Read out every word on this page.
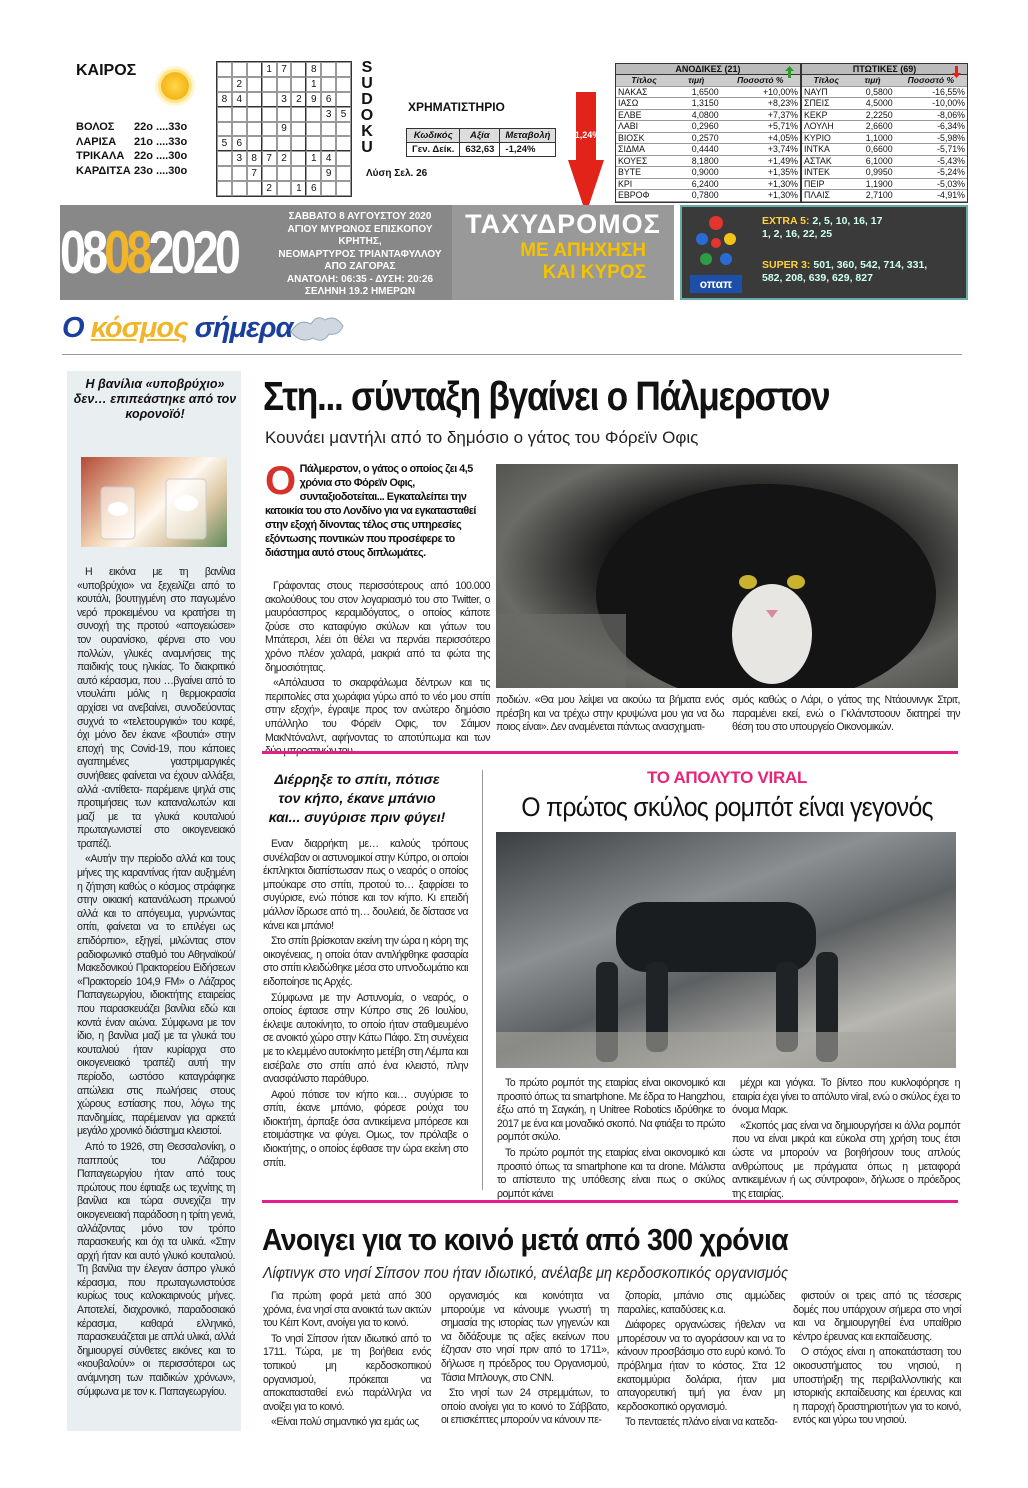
ΚΑΙΡΟΣ
ΒΟΛΟΣ	22ο ....33ο
ΛΑΡΙΣΑ	21ο ....33ο
ΤΡΙΚΑΛΑ 22ο ....30ο
ΚΑΡΔΙΤΣΑ 23ο ....30ο
1 7	8
2	1
8 4	3 2 9 6
3 5
9
5 6
3 8 7 2	1 4
7	9
2	1 6
S
U
D
O
K
U
Λύση Σελ. 26
ΧΡΗΜΑΤΙΣΤΗΡΙΟ
Κωδικός	Αξία	Μεταβολή
Γεν. Δείκ.	632,63	-1,24%
-1,24%
ΑΝΟΔΙΚΕΣ (21)
Τίτλος	τιμή	Ποσοστό %
ΝΑΚΑΣ	1,6500	+10,00%
ΙΑΣΩ	1,3150	+8,23%
ΕΛΒΕ	4,0800	+7,37%
ΛΑΒΙ	0,2960	+5,71%
ΒΙΟΣΚ	0,2570	+4,05%
ΣΙΔΜΑ	0,4440	+3,74%
ΚΟΥΕΣ	8,1800	+1,49%
ΒΥΤΕ	0,9000	+1,35%
ΚΡΙ	6,2400	+1,30%
ΕΒΡΟΦ	0,7800	+1,30%
ΠΤΩΤΙΚΕΣ (69)
Τίτλος	τιμή	Ποσοστό %
ΝΑΥΠ	0,5800	-16,55%
ΣΠΕΙΣ	4,5000	-10,00%
ΚΕΚΡ	2,2250	-8,06%
ΛΟΥΛΗ	2,6600	-6,34%
ΚΥΡΙΟ	1,1000	-5,98%
ΙΝΤΚΑ	0,6600	-5,71%
ΑΣΤΑΚ	6,1000	-5,43%
ΙΝΤΕΚ	0,9950	-5,24%
ΠΕΙΡ	1,1900	-5,03%
ΠΛΑΙΣ	2,7100	-4,91%
08082020
ΣΑΒΒΑΤΟ 8 ΑΥΓΟΥΣΤΟΥ 2020
ΑΓΙΟΥ ΜΥΡΩΝΟΣ ΕΠΙΣΚΟΠΟΥ ΚΡΗΤΗΣ,
ΝΕΟΜΑΡΤΥΡΟΣ ΤΡΙΑΝΤΑΦΥΛΛΟΥ
ΑΠΟ ΖΑΓΟΡΑΣ
ΑΝΑΤΟΛΗ: 06:35 - ΔΥΣΗ: 20:26
ΣΕΛΗΝΗ 19.2 ΗΜΕΡΩΝ
ΤΑΧΥΔΡΟΜΟΣ
ΜΕ ΑΠΗΧΗΣΗ
ΚΑΙ ΚΥΡΟΣ
οπαπ
EXTRA 5: 2, 5, 10, 16, 17
1, 2, 16, 22, 25
SUPER 3: 501, 360, 542, 714, 331,
582, 208, 639, 629, 827
Ο κόσμος σήμερα
Η βανίλια «υποβρύχιο» δεν… επιπεάστηκε από τον κορονοϊό!

Η εικόνα με τη βανίλια «υποβρύχιο» να ξεχειλίζει από το κουτάλι, βουτηγμένη στο παγωμένο νερό προκειμένου να κρατήσει τη συνοχή της προτού «απογειώσει» τον ουρανίσκο, φέρνει στο νου πολλών, γλυκές αναμνήσεις της παιδικής τους ηλικίας. Το διακριτικό αυτό κέρασμα, που …βγαίνει από το ντουλάπι μόλις η θερμοκρασία αρχίσει να ανεβαίνει, συνοδεύοντας συχνά το «τελετουργικό» του καφέ, όχι μόνο δεν έκανε «βουτιά» στην εποχή της Covid-19, που κάποιες αγαπημένες γαστριμαργικές συνήθειες φαίνεται να έχουν αλλάξει, αλλά -αντίθετα- παρέμεινε ψηλά στις προτιμήσεις των καταναλωτών και μαζί με τα γλυκά κουταλιού πρωταγωνιστεί στο οικογενειακό τραπέζι.

«Αυτήν την περίοδο αλλά και τους μήνες της καραντίνας ήταν αυξημένη η ζήτηση καθώς ο κόσμος στράφηκε στην οικιακή κατανάλωση πρωινού αλλά και το απόγευμα, γυρνώντας οπίτι, φαίνεται να το επιλέγει ως επιδόρπιο», εξηγεί, μιλώντας στον ραδιοφωνικό σταθμό του Αθηναϊκού/Μακεδονικού Πρακτορείου Ειδήσεων «Πρακτορείο 104,9 FM» ο Λάζαρος Παπαγεωργίου, ιδιοκτήτης εταιρείας που παρασκευάζει βανίλια εδώ και κοντά έναν αιώνα. Σύμφωνα με τον ίδιο, η βανίλια μαζί με τα γλυκά του κουταλιού ήταν κυρίαρχα στο οικογενειακό τραπέζι αυτή την περίοδο, ωστόσο καταγράφηκε απώλεια στις πωλήσεις στους χώρους εστίασης που, λόγω της πανδημίας, παρέμειναν για αρκετά μεγάλο χρονικό διάστημα κλειστοί.

Από το 1926, στη Θεσσαλονίκη, ο παππούς του Λάζαρου Παπαγεωργίου ήταν από τους πρώτους που έφτιαξε ως τεχνίτης τη βανίλια και τώρα συνεχίζει την οικογενειακή παράδοση η τρίτη γενιά, αλλάζοντας μόνο τον τρόπο παρασκευής και όχι τα υλικά. «Στην αρχή ήταν και αυτό γλυκό κουταλιού. Τη βανίλια την έλεγαν άσπρο γλυκό κέρασμα, που πρωταγωνιστούσε κυρίως τους καλοκαιρινούς μήνες. Αποτελεί, διαχρονικό, παραδοσιακό κέρασμα, καθαρά ελληνικό, παρασκευάζεται με απλά υλικά, αλλά δημιουργεί σύνθετες εικόνες και το «κουβαλούν» οι περισσότεροι ως ανάμνηση των παιδικών χρόνων», σύμφωνα με τον κ. Παπαγεωργίου.

Στη... σύνταξη βγαίνει ο Πάλμερστον
Κουνάει μαντήλι από το δημόσιο ο γάτος του Φόρεϊν Οφις
Ο Πάλμερστον, ο γάτος ο οποίος ζει 4,5 χρόνια στο Φόρεϊν Οφις, συνταξιοδοτείται... Εγκαταλείπει την κατοικία του στο Λονδίνο για να εγκατασταθεί στην εξοχή δίνοντας τέλος στις υπηρεσίες εξόντωσης ποντικών που προσέφερε το διάστημα αυτό στους διπλωμάτες.

Γράφοντας στους περισσότερους από 100.000 ακολούθους του στον λογαριασμό του στο Twitter, ο μαυρόασπρος κεραμιδόγατος, ο οποίος κάποτε ζούσε στο καταφύγιο σκύλων και γάτων του Μπάτερσι, λέει ότι θέλει να περνάει περισσότερο χρόνο πλέον χαλαρά, μακριά από τα φώτα της δημοσιότητας.

«Απόλαυσα το σκαρφάλωμα δέντρων και τις περιπολίες στα χωράφια γύρω από το νέο μου σπίτι στην εξοχή», έγραψε προς τον ανώτερο δημόσιο υπάλληλο του Φόρεϊν Οφις, τον Σάιμον ΜακΝτόναλντ, αφήνοντας το αποτύπωμα και των

ποδιών. «Θα μου λείψει να ακούω τα βήματα ενός πρέσβη και να τρέχω στην κρυψώνα μου για να δω ποιος είναι». Δεν αναμένεται πάντως ανασχηματι-
σμός καθώς ο Λάρι, ο γάτος της Ντάουνινγκ Στριτ, παραμένει εκεί, ενώ ο Γκλάντστοουν διατηρεί την θέση του στο υπουργείο Οικονομικών.
Διέρρηξε το σπίτι, πότισε τον κήπο, έκανε μπάνιο και... συγύρισε πριν φύγει!

Εναν διαρρήκτη με… καλούς τρόπους συνέλαβαν οι αστυνομικοί στην Κύπρο, οι οποίοι έκπληκτοι διαπίστωσαν πως ο νεαρός ο οποίος μπούκαρε στο σπίτι, προτού το… ξαφρίσει το συγύρισε, ενώ πότισε και τον κήπο. Κι επειδή μάλλον ίδρωσε από τη… δουλειά, δε δίστασε να κάνει και μπάνιο!

Στο σπίτι βρίσκοταν εκείνη την ώρα η κόρη της οικογένειας, η οποία όταν αντιλήφθηκε φασαρία στο σπίτι κλειδώθηκε μέσα στο υπνοδωμάτιο και ειδοποίησε τις Αρχές.

Σύμφωνα με την Αστυνομία, ο νεαρός, ο οποίος έφτασε στην Κύπρο στις 26 Ιουλίου, έκλεψε αυτοκίνητο, το οποίο ήταν σταθμευμένο σε ανοικτό χώρο στην Κάτω Πάφο. Στη συνέχεια με το κλεμμένο αυτοκίνητο μετέβη στη Λέμπα και εισέβαλε στο σπίτι από ένα κλειστό, πλην ανασφάλιστο παράθυρο.

Αφού πότισε τον κήπο και… συγύρισε το σπίτι, έκανε μπάνιο, φόρεσε ρούχα του ιδιοκτήτη, άρπαξε όσα αντικείμενα μπόρεσε και ετοιμάστηκε να φύγει. Ομως, τον πρόλαβε ο ιδιοκτήτης, ο οποίος έφθασε την ώρα εκείνη στο σπίτι.

ΤΟ ΑΠΟΛΥΤΟ VIRAL
Ο πρώτος σκύλος ρομπότ είναι γεγονός

Το πρώτο ρομπότ της εταιρίας είναι οικονομικό και προσιτό όπως τα smartphone. Με έδρα το Hangzhou, έξω από τη Σαγκάη, η Unitree Robotics ιδρύθηκε το 2017 με ένα και μοναδικό σκοπό. Να φτιάξει το πρώτο ρομπότ σκύλο.

Το πρώτο ρομπότ της εταιρίας είναι οικονομικό και προσιτό όπως τα smartphone και τα drone. Μάλιστα το απίστευτο της υπόθεσης είναι πως ο σκύλος ρομπότ κάνει

μέχρι και γιόγκα. Το βίντεο που κυκλοφόρησε η εταιρία έχει γίνει το απόλυτο viral, ενώ ο σκύλος έχει το όνομα Μαρκ.

«Σκοπός μας είναι να δημιουργήσει κι άλλα ρομπότ που να είναι μικρά και εύκολα στη χρήση τους έτσι ώστε να μπορούν να βοηθήσουν τους απλούς ανθρώπους με πράγματα όπως η μεταφορά αντικειμένων ή ως σύντροφοι», δήλωσε ο πρόεδρος της εταιρίας.

Ανοιγει για το κοινό μετά από 300 χρόνια
Λίφτινγκ στο νησί Σίπσον που ήταν ιδιωτικό, ανέλαβε μη κερδοσκοπικός οργανισμός

Για πρώτη φορά μετά από 300 χρόνια, ένα νησί στα ανοικτά των ακτών του Κέιπ Κοντ, ανοίγει για το κοινό.

Το νησί Σίπσον ήταν ιδιωτικό από το 1711. Τώρα, με τη βοήθεια ενός τοπικού μη κερδοσκοπικού οργανισμού, πρόκειται να αποκατασταθεί ενώ παράλληλα να ανοίξει για το κοινό.

«Είναι πολύ σημαντικό για εμάς ως

οργανισμός και κοινότητα να μπορούμε να κάνουμε γνωστή τη σημασία της ιστορίας των γηγενών και να διδάξουμε τις αξίες εκείνων που έζησαν στο νησί πριν από το 1711», δήλωσε η πρόεδρος του Οργανισμού, Τάσια Μπλουγκ, στο CNN.

Στο νησί των 24 στρεμμάτων, το οποίο ανοίγει για το κοινό το Σάββατο, οι επισκέπτες μπορούν να κάνουν πε-

ζοπορία, μπάνιο στις αμμώδεις παραλίες, καταδύσεις κ.α.

Διάφορες οργανώσεις ήθελαν να μπορέσουν να το αγοράσουν και να το κάνουν προσβάσιμο στο ευρύ κοινό. Το πρόβλημα ήταν το κόστος. Στα 12 εκατομμύρια δολάρια, ήταν μια απαγορευτική τιμή για έναν μη κερδοσκοπικό οργανισμό.

Το πενταετές πλάνο είναι να κατεδα-

φιστούν οι τρεις από τις τέσσερις δομές που υπάρχουν σήμερα στο νησί και να δημιουργηθεί ένα υπαίθριο κέντρο έρευνας και εκπαίδευσης.

Ο στόχος είναι η αποκατάσταση του οικοσυστήματος του νησιού, η υποστήριξη της περιβαλλοντικής και ιστορικής εκπαίδευσης και έρευνας και η παροχή δραστηριοτήτων για το κοινό, εντός και γύρω του νησιού.
